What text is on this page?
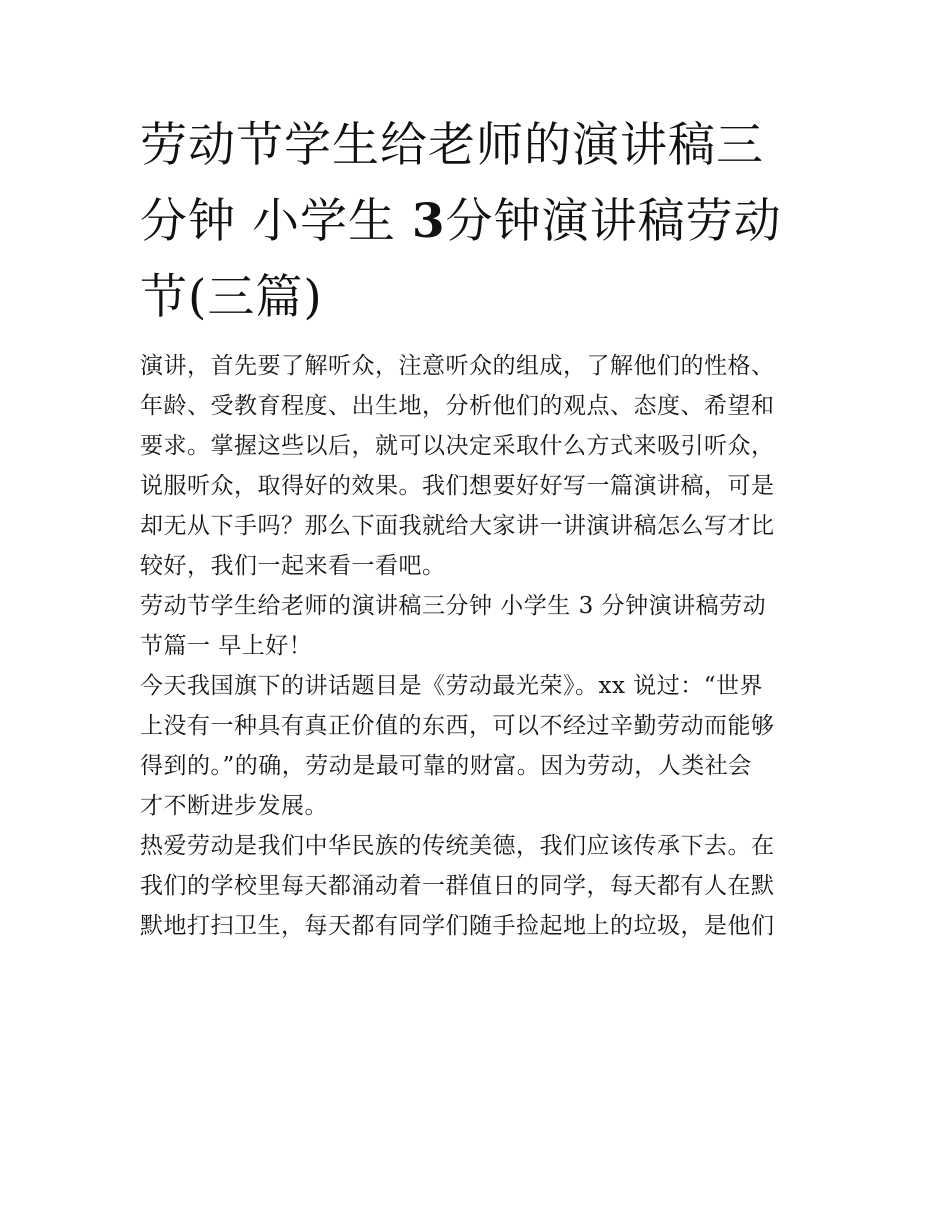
劳动节学生给老师的演讲稿三
分钟 小学生 3分钟演讲稿劳动
节(三篇)

演讲，首先要了解听众，注意听众的组成，了解他们的性格、
年龄、受教育程度、出生地，分析他们的观点、态度、希望和
要求。掌握这些以后，就可以决定采取什么方式来吸引听众，
说服听众，取得好的效果。我们想要好好写一篇演讲稿，可是
却无从下手吗？那么下面我就给大家讲一讲演讲稿怎么写才比
较好，我们一起来看一看吧。

劳动节学生给老师的演讲稿三分钟 小学生 3 分钟演讲稿劳动
节篇一 早上好！

今天我国旗下的讲话题目是《劳动最光荣》。xx 说过：“世界
上没有一种具有真正价值的东西，可以不经过辛勤劳动而能够
得到的。”的确，劳动是最可靠的财富。因为劳动，人类社会
才不断进步发展。

热爱劳动是我们中华民族的传统美德，我们应该传承下去。在
我们的学校里每天都涌动着一群值日的同学，每天都有人在默
默地打扫卫生，每天都有同学们随手捡起地上的垃圾，是他们
